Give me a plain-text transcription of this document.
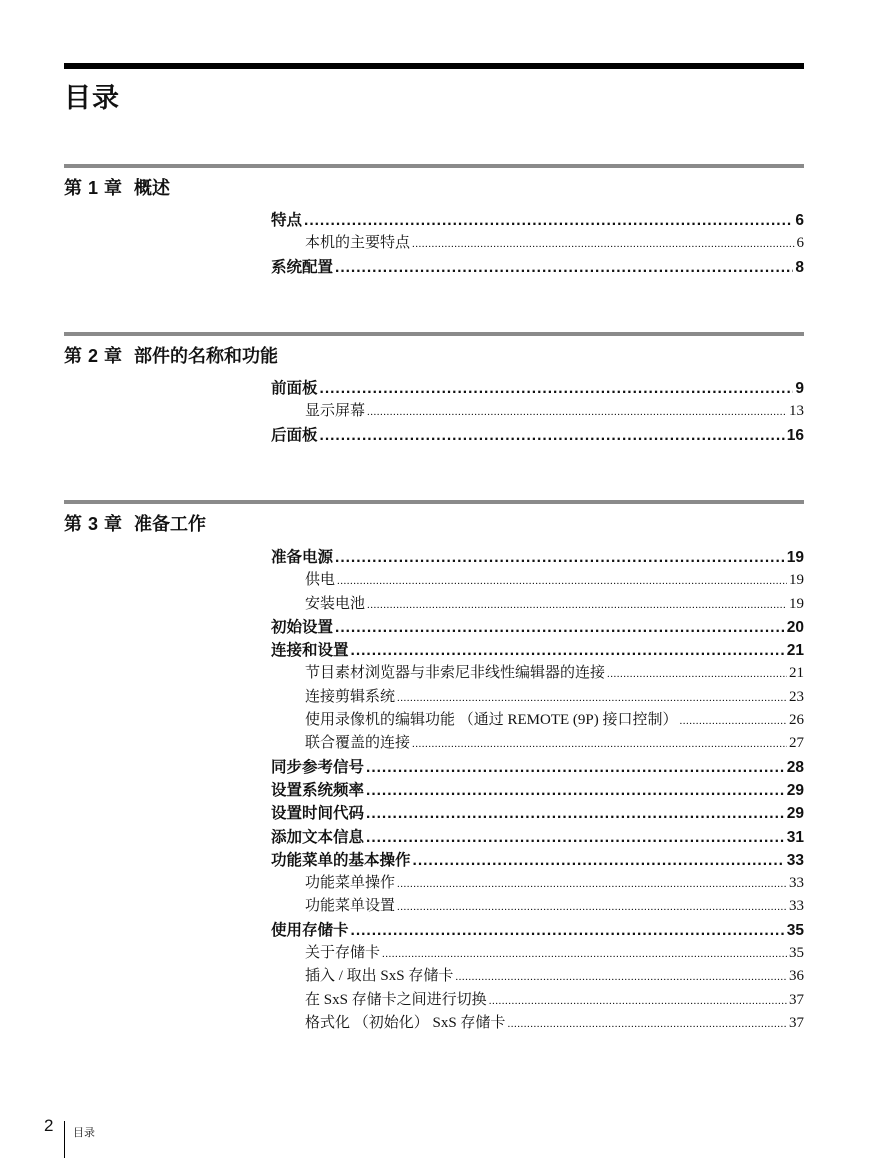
目录
第 1 章 概述
特点 .....	6
本机的主要特点 .....	6
系统配置 .....	8
第 2 章 部件的名称和功能
前面板 .....	9
显示屏幕 .....	13
后面板 .....	16
第 3 章 准备工作
准备电源 .....	19
供电 .....	19
安装电池 .....	19
初始设置 .....	20
连接和设置 .....	21
节目素材浏览器与非索尼非线性编辑器的连接 .....	21
连接剪辑系统 .....	23
使用录像机的编辑功能 （通过 REMOTE (9P) 接口控制） .....	26
联合覆盖的连接 .....	27
同步参考信号 .....	28
设置系统频率 .....	29
设置时间代码 .....	29
添加文本信息 .....	31
功能菜单的基本操作 .....	33
功能菜单操作 .....	33
功能菜单设置 .....	33
使用存储卡 .....	35
关于存储卡 .....	35
插入 / 取出 SxS 存储卡 .....	36
在 SxS 存储卡之间进行切换 .....	37
格式化 （初始化） SxS 存储卡 .....	37
2 目录
